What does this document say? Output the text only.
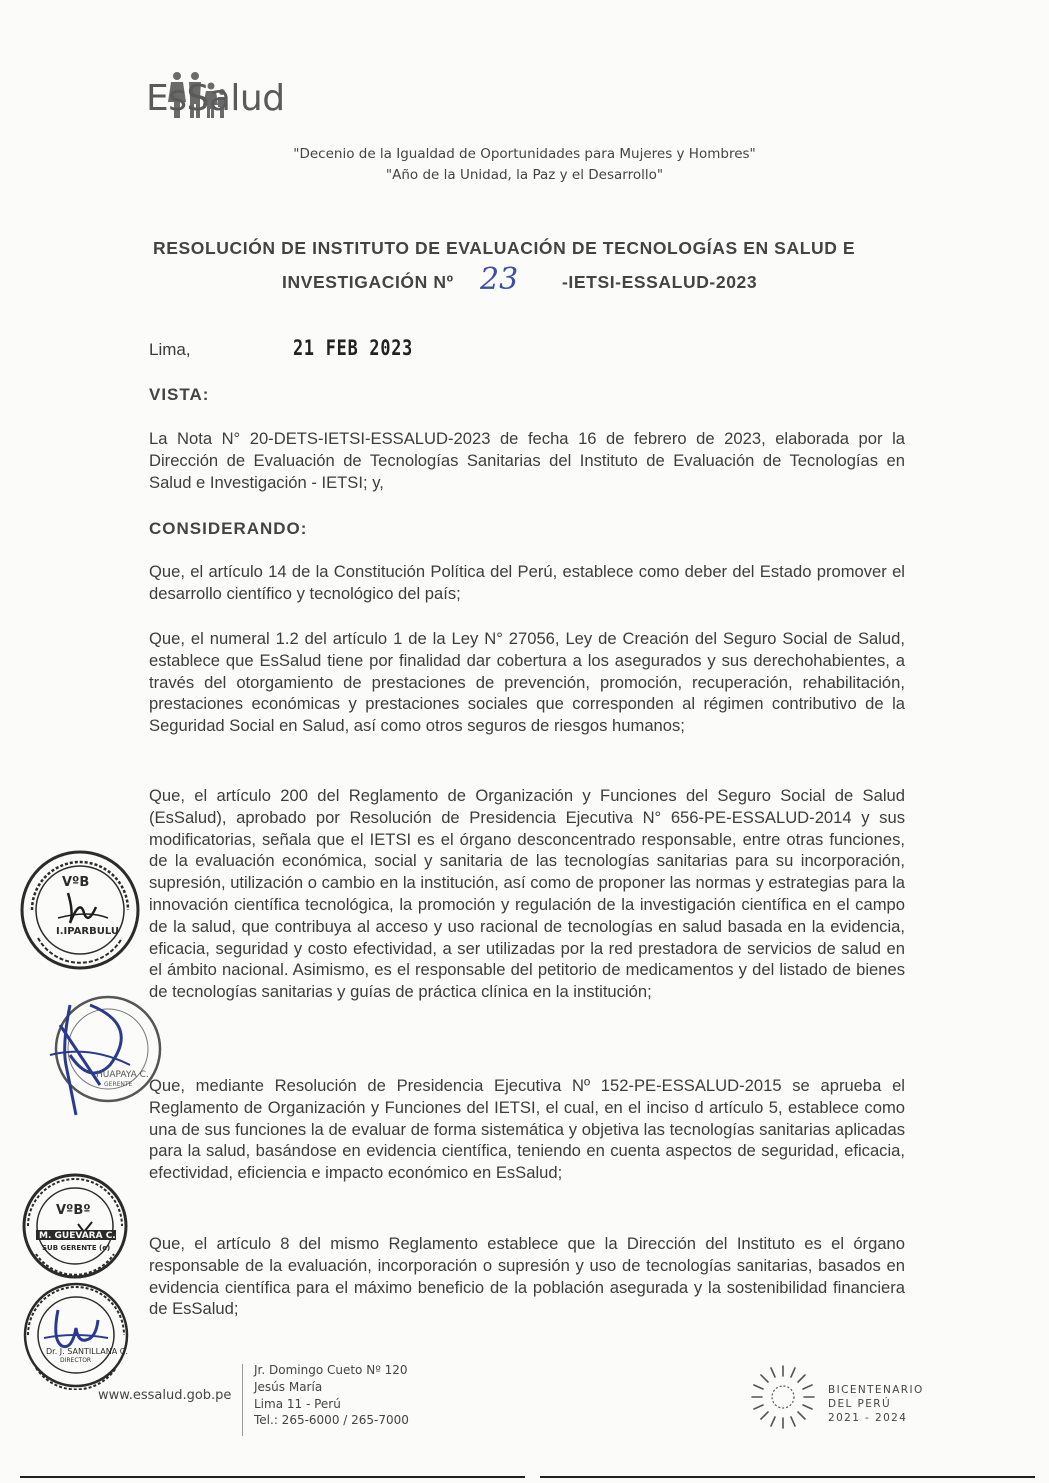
EsSalud
"Decenio de la Igualdad de Oportunidades para Mujeres y Hombres"
"Año de la Unidad, la Paz y el Desarrollo"
RESOLUCIÓN DE INSTITUTO DE EVALUACIÓN DE TECNOLOGÍAS EN SALUD E
INVESTIGACIÓN Nº 23	-IETSI-ESSALUD-2023
Lima,	21 FEB 2023
VISTA:
La Nota N° 20-DETS-IETSI-ESSALUD-2023 de fecha 16 de febrero de 2023, elaborada por la Dirección de Evaluación de Tecnologías Sanitarias del Instituto de Evaluación de Tecnologías en Salud e Investigación - IETSI; y,
CONSIDERANDO:
Que, el artículo 14 de la Constitución Política del Perú, establece como deber del Estado promover el desarrollo científico y tecnológico del país;
Que, el numeral 1.2 del artículo 1 de la Ley N° 27056, Ley de Creación del Seguro Social de Salud, establece que EsSalud tiene por finalidad dar cobertura a los asegurados y sus derechohabientes, a través del otorgamiento de prestaciones de prevención, promoción, recuperación, rehabilitación, prestaciones económicas y prestaciones sociales que corresponden al régimen contributivo de la Seguridad Social en Salud, así como otros seguros de riesgos humanos;
Que, el artículo 200 del Reglamento de Organización y Funciones del Seguro Social de Salud (EsSalud), aprobado por Resolución de Presidencia Ejecutiva N° 656-PE-ESSALUD-2014 y sus modificatorias, señala que el IETSI es el órgano desconcentrado responsable, entre otras funciones, de la evaluación económica, social y sanitaria de las tecnologías sanitarias para su incorporación, supresión, utilización o cambio en la institución, así como de proponer las normas y estrategias para la innovación científica tecnológica, la promoción y regulación de la investigación científica en el campo de la salud, que contribuya al acceso y uso racional de tecnologías en salud basada en la evidencia, eficacia, seguridad y costo efectividad, a ser utilizadas por la red prestadora de servicios de salud en el ámbito nacional. Asimismo, es el responsable del petitorio de medicamentos y del listado de bienes de tecnologías sanitarias y guías de práctica clínica en la institución;
Que, mediante Resolución de Presidencia Ejecutiva Nº 152-PE-ESSALUD-2015 se aprueba el Reglamento de Organización y Funciones del IETSI, el cual, en el inciso d artículo 5, establece como una de sus funciones la de evaluar de forma sistemática y objetiva las tecnologías sanitarias aplicadas para la salud, basándose en evidencia científica, teniendo en cuenta aspectos de seguridad, eficacia, efectividad, eficiencia e impacto económico en EsSalud;
Que, el artículo 8 del mismo Reglamento establece que la Dirección del Instituto es el órgano responsable de la evaluación, incorporación o supresión y uso de tecnologías sanitarias, basados en evidencia científica para el máximo beneficio de la población asegurada y la sostenibilidad financiera de EsSalud;
VºB
I.IPARBULU
HUAPAYA C.
GERENTE
VºBº
M. GUEVARA C.
SUB GERENTE (e)
Dr. J. SANTILLANA C.
DIRECTOR
www.essalud.gob.pe
Jr. Domingo Cueto Nº 120
Jesús María
Lima 11 - Perú
Tel.: 265-6000 / 265-7000
BICENTENARIO
DEL PERÚ
2021 - 2024
